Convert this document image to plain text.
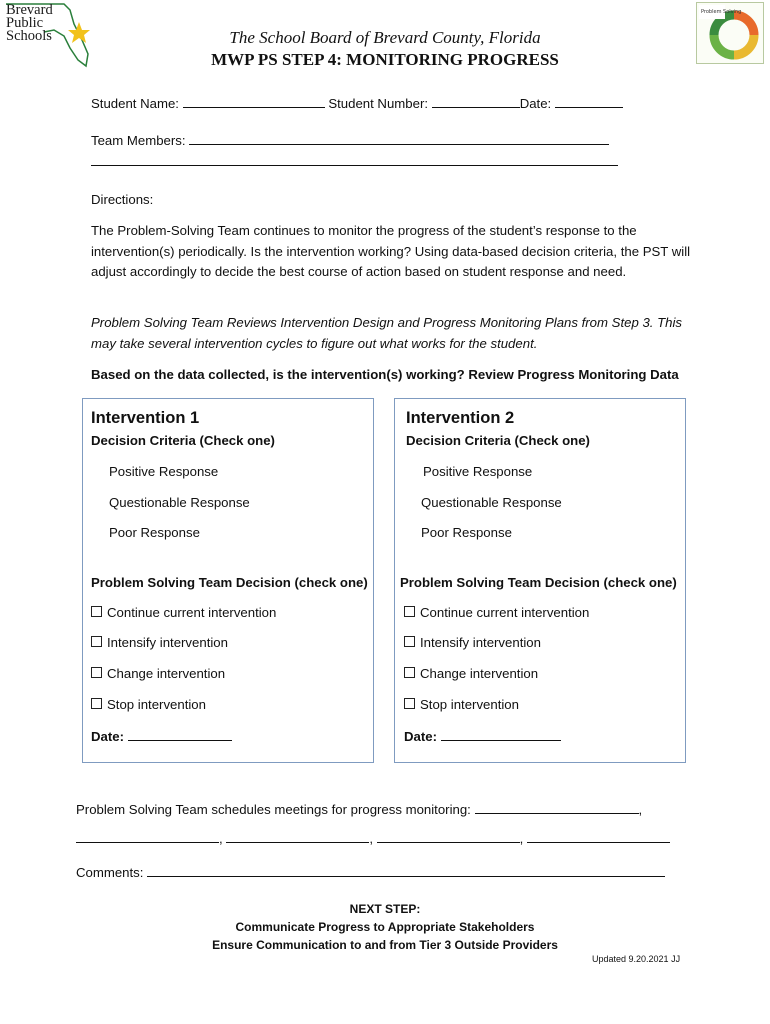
Brevard
Public
Schools	The School Board of Brevard County, Florida
MWP PS STEP 4: MONITORING PROGRESS
Problem Solving
Student Name:	Student Number:	Date:
Team Members:
Directions:
The Problem-Solving Team continues to monitor the progress of the student’s response to the intervention(s) periodically. Is the intervention working? Using data-based decision criteria, the PST will adjust accordingly to decide the best course of action based on student response and need.
Problem Solving Team Reviews Intervention Design and Progress Monitoring Plans from Step 3. This may take several intervention cycles to figure out what works for the student.
Based on the data collected, is the intervention(s) working? Review Progress Monitoring Data
Intervention 1
Decision Criteria (Check one)
Positive Response
Questionable Response
Poor Response
Problem Solving Team Decision (check one)
Continue current intervention
Intensify intervention
Change intervention
Stop intervention
Date:
Intervention 2
Decision Criteria (Check one)
Positive Response
Questionable Response
Poor Response
Problem Solving Team Decision (check one)
Continue current intervention
Intensify intervention
Change intervention
Stop intervention
Date:
Problem Solving Team schedules meetings for progress monitoring:	,
,	,	,
Comments:
NEXT STEP:
Communicate Progress to Appropriate Stakeholders
Ensure Communication to and from Tier 3 Outside Providers
Updated 9.20.2021 JJ
